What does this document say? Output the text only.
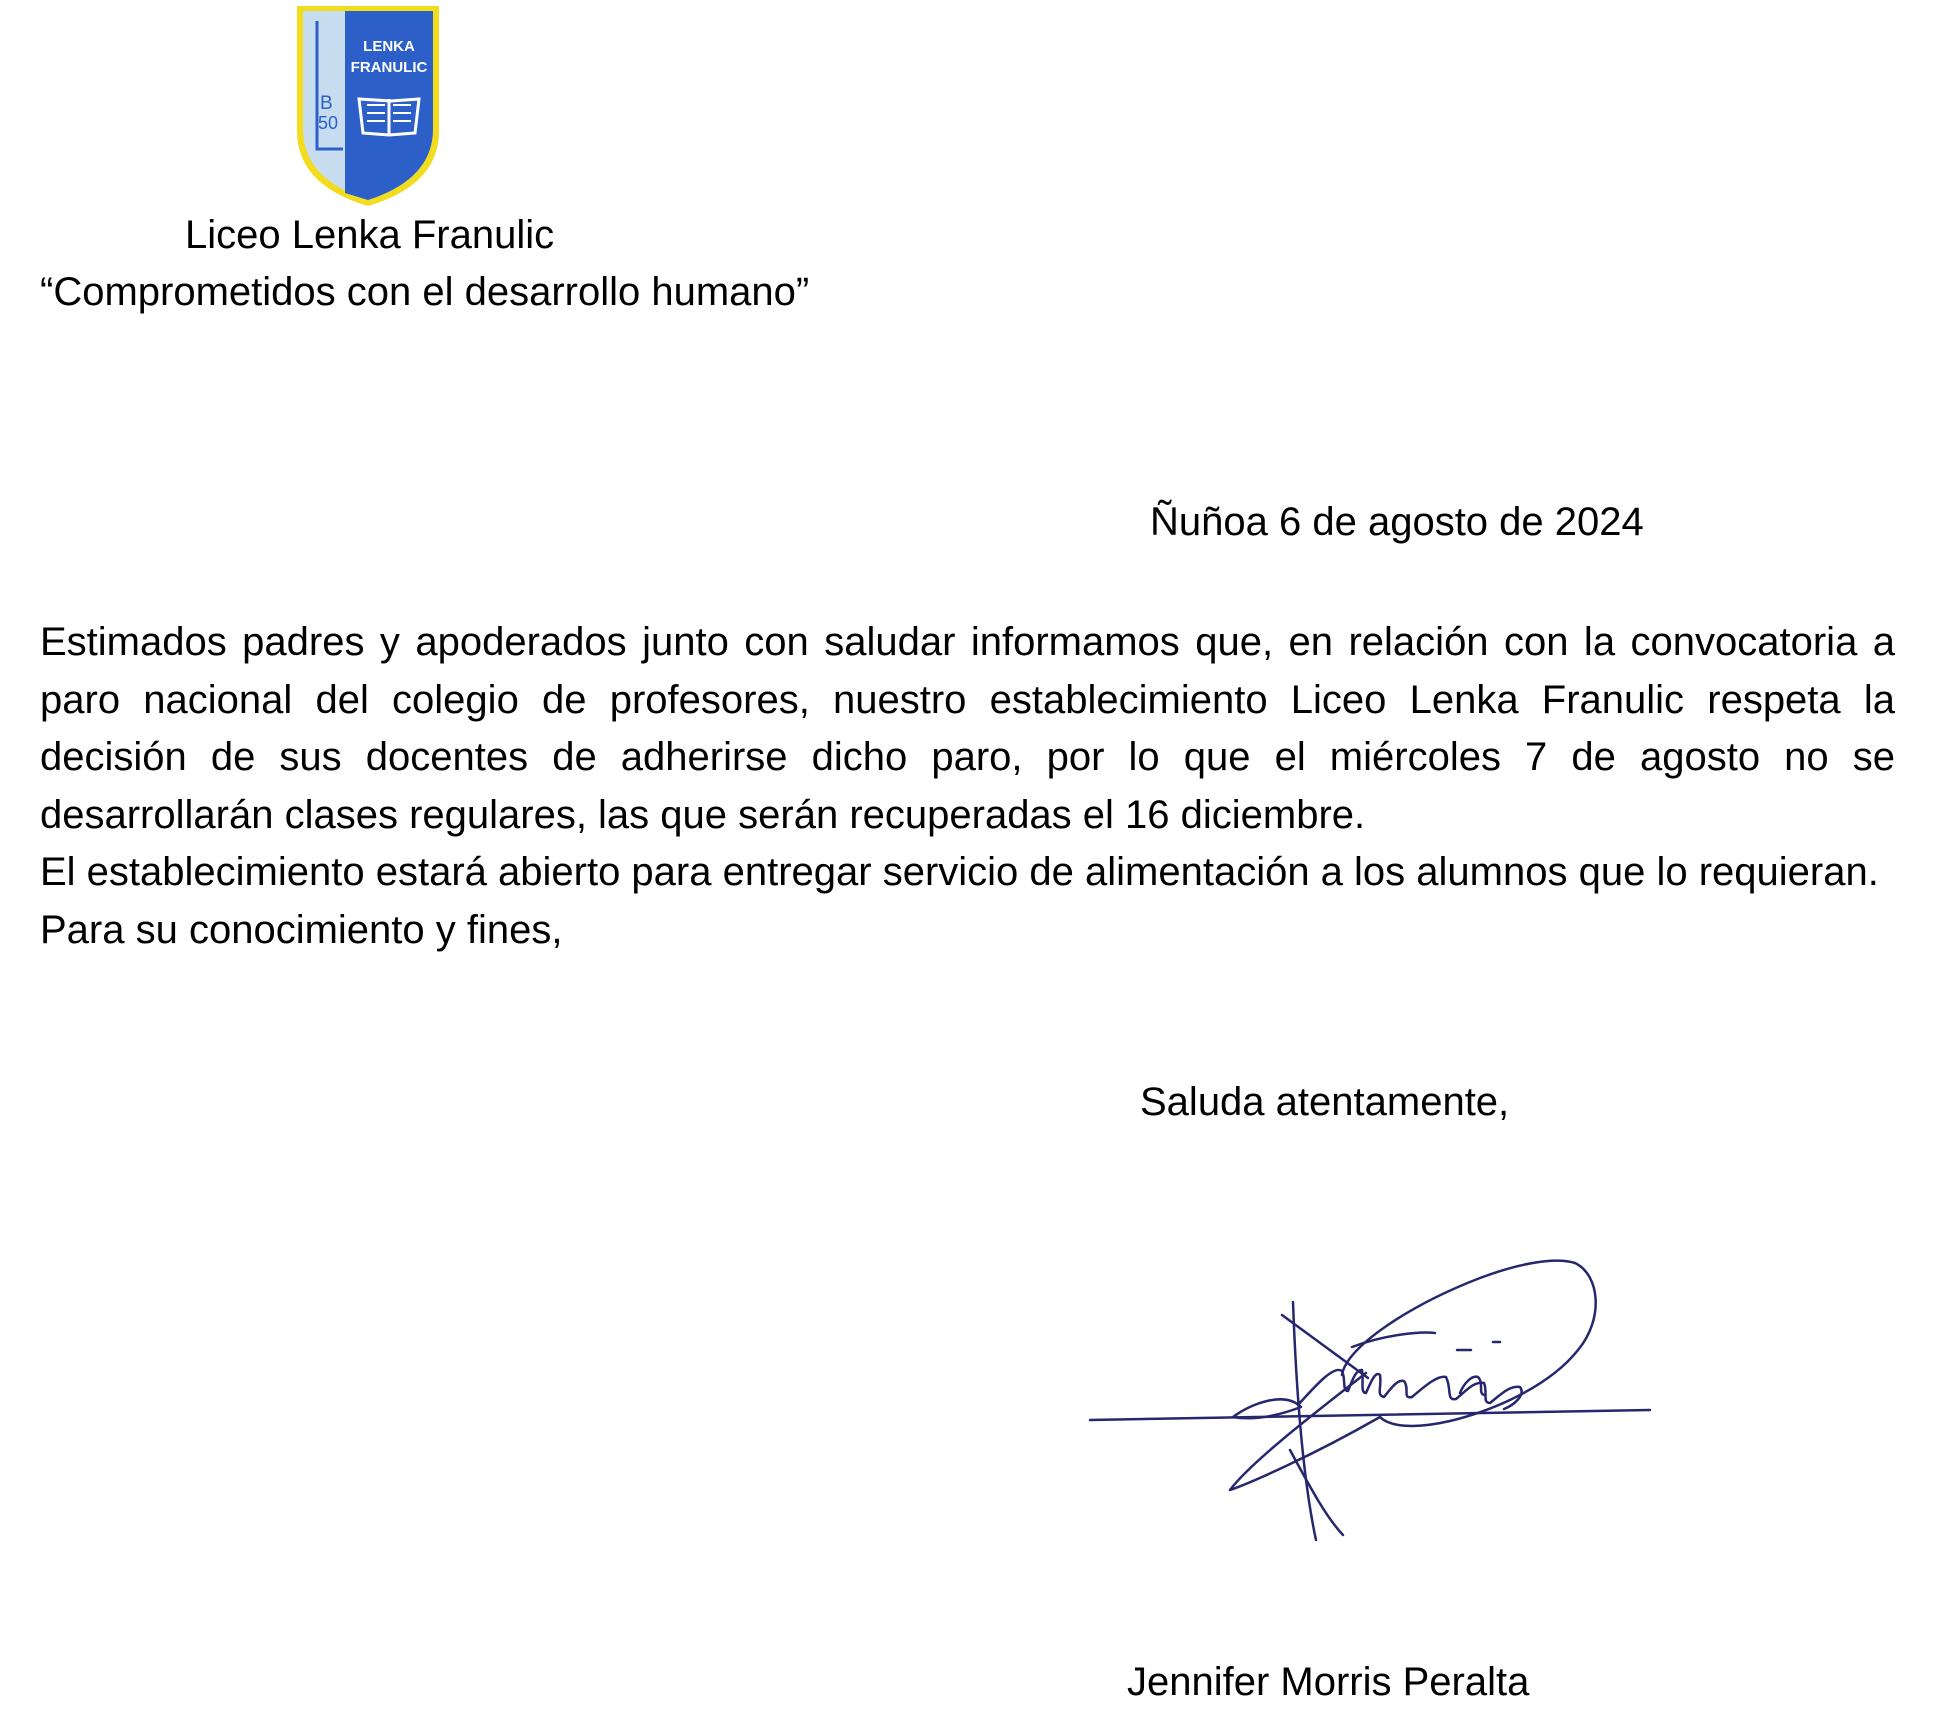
B
50
LENKA
FRANULIC
Liceo Lenka Franulic
“Comprometidos con el desarrollo humano”
Ñuñoa 6 de agosto de 2024

Estimados padres y apoderados junto con saludar informamos que, en relación con la convocatoria a paro nacional del colegio de profesores, nuestro establecimiento Liceo Lenka Franulic respeta la decisión de sus docentes de adherirse dicho paro, por lo que el miércoles 7 de agosto no se desarrollarán clases regulares, las que serán recuperadas el 16 diciembre.

El establecimiento estará abierto para entregar servicio de alimentación a los alumnos que lo requieran.

Para su conocimiento y fines,

Saluda atentamente,
Jennifer Morris Peralta
